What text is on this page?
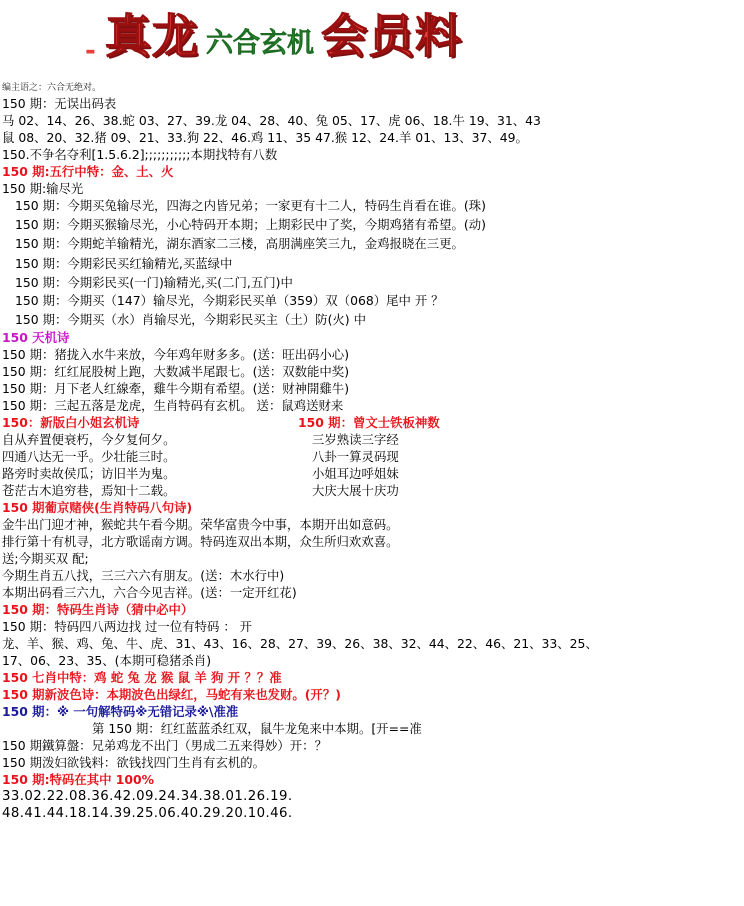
- 真龙 六合玄机 会员料
编主语之：六合无绝对。
150 期：无误出码表
马 02、14、26、38.蛇 03、27、39.龙 04、28、40、兔 05、17、虎 06、18.牛 19、31、43
鼠 08、20、32.猪 09、21、33.狗 22、46.鸡 11、35 47.猴 12、24.羊 01、13、37、49。
150.不争名夺利[1.5.6.2];;;;;;;;;;;本期找特有八数
150 期:五行中特：金、土、火
150 期:输尽光
150 期：今期买兔输尽光，四海之内皆兄弟；一家更有十二人，特码生肖看在谁。(珠)
150 期：今期买猴输尽光，小心特码开本期；上期彩民中了奖，今期鸡猪有希望。(动)
150 期：今期蛇羊输精光，湖东酒家二三楼，高朋满座笑三九，金鸡报晓在三更。
150 期：今期彩民买红输精光,买蓝绿中
150 期：今期彩民买(一门)输精光,买(二门,五门)中
150 期：今期买（147）输尽光，今期彩民买单（359）双（068）尾中 开 ？
150 期：今期买（水）肖输尽光，今期彩民买主（土）防(火) 中
150 天机诗
150 期：猪拢入水牛来放，今年鸡年财多多。(送：旺出码小心)
150 期：红红屁股树上跑，大数减半尾跟七。(送：双数能中奖)
150 期：月下老人红線牽，雞牛今期有希望。(送：财神開雞牛)
150 期：三起五落是龙虎，生肖特码有玄机。 送：鼠鸡送财来
150：新版白小姐玄机诗	150 期：曾文士铁板神数
自从弃置便衰朽，今夕复何夕。	三岁熟读三字经
四通八达无一乎。少壮能三时。	八卦一算灵码现
路旁时卖故侯瓜；访旧半为鬼。	小姐耳边呼姐妹
苍茫古木追穷巷，焉知十二载。	大庆大展十庆功
150 期葡京赌侠(生肖特码八句诗)
金牛出门迎才神，猴蛇共午看今期。荣华富贵今中事，本期开出如意码。
排行第十有机寻，北方歌谣南方调。特码连双出本期，众生所归欢欢喜。
送;今期买双 配;
今期生肖五八找，三三六六有朋友。(送：木水行中)
本期出码看三六九，六合今见吉祥。(送：一定开红花)
150 期：特码生肖诗（猜中必中）
150 期：特码四八两边找 过一位有特码 ： 开
龙、羊、猴、鸡、兔、牛、虎、31、43、16、28、27、39、26、38、32、44、22、46、21、33、25、
17、06、23、35、(本期可稳猪杀肖)
150 七肖中特：鸡 蛇 兔 龙 猴 鼠 羊 狗 开 ？？准
150 期新波色诗：本期波色出绿红，马蛇有来也发财。(开？)
150 期：※ 一句解特码※无错记录※\准准
第 150 期：红红蓝蓝杀红双，鼠牛龙兔来中本期。[开==准
150 期鐵算盤：兄弟鸡龙不出门（男成二五来得妙）开：？
150 期泼妇欲钱料：欲钱找四门生肖有玄机的。
150 期:特码在其中 100%
33.02.22.08.36.42.09.24.34.38.01.26.19.
48.41.44.18.14.39.25.06.40.29.20.10.46.
